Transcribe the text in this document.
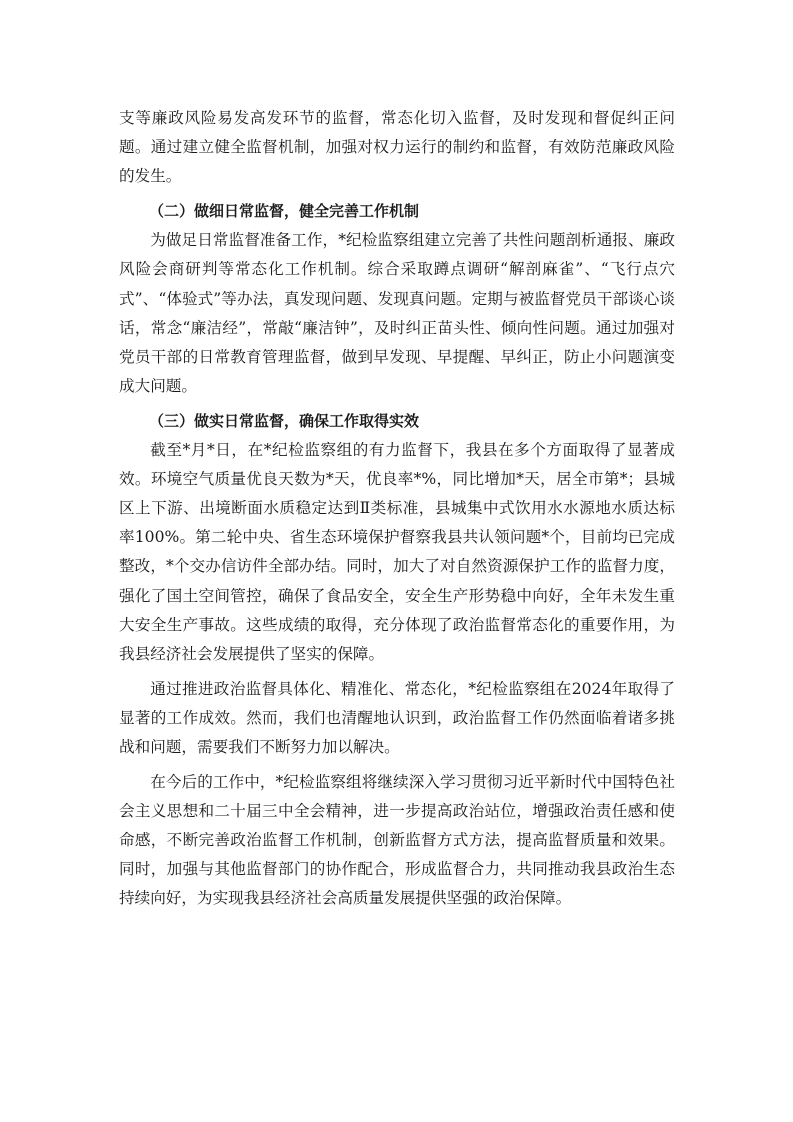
支等廉政风险易发高发环节的监督，常态化切入监督，及时发现和督促纠正问题。通过建立健全监督机制，加强对权力运行的制约和监督，有效防范廉政风险的发生。

（二）做细日常监督，健全完善工作机制

为做足日常监督准备工作，*纪检监察组建立完善了共性问题剖析通报、廉政风险会商研判等常态化工作机制。综合采取蹲点调研“解剖麻雀”、“飞行点穴式”、“体验式”等办法，真发现问题、发现真问题。定期与被监督党员干部谈心谈话，常念“廉洁经”，常敲“廉洁钟”，及时纠正苗头性、倾向性问题。通过加强对党员干部的日常教育管理监督，做到早发现、早提醒、早纠正，防止小问题演变成大问题。

（三）做实日常监督，确保工作取得实效

截至*月*日，在*纪检监察组的有力监督下，我县在多个方面取得了显著成效。环境空气质量优良天数为*天，优良率*%，同比增加*天，居全市第*；县城区上下游、出境断面水质稳定达到Ⅱ类标准，县城集中式饮用水水源地水质达标率100%。第二轮中央、省生态环境保护督察我县共认领问题*个，目前均已完成整改，*个交办信访件全部办结。同时，加大了对自然资源保护工作的监督力度，强化了国土空间管控，确保了食品安全，安全生产形势稳中向好，全年未发生重大安全生产事故。这些成绩的取得，充分体现了政治监督常态化的重要作用，为我县经济社会发展提供了坚实的保障。

通过推进政治监督具体化、精准化、常态化，*纪检监察组在2024年取得了显著的工作成效。然而，我们也清醒地认识到，政治监督工作仍然面临着诸多挑战和问题，需要我们不断努力加以解决。

在今后的工作中，*纪检监察组将继续深入学习贯彻习近平新时代中国特色社会主义思想和二十届三中全会精神，进一步提高政治站位，增强政治责任感和使命感，不断完善政治监督工作机制，创新监督方式方法，提高监督质量和效果。同时，加强与其他监督部门的协作配合，形成监督合力，共同推动我县政治生态持续向好，为实现我县经济社会高质量发展提供坚强的政治保障。
